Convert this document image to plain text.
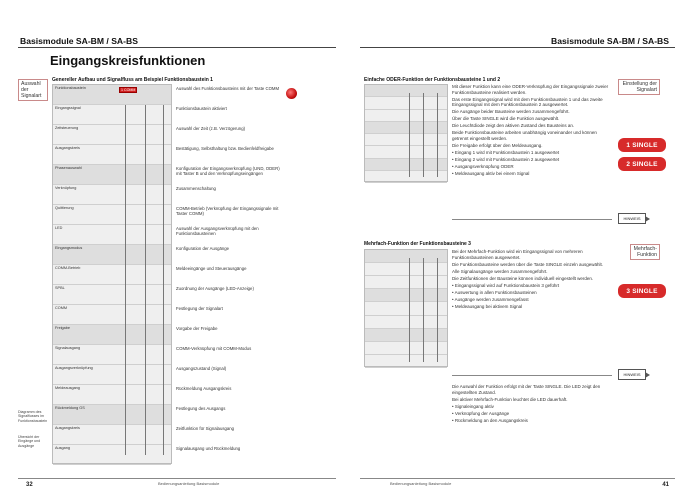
Basismodule SA-BM / SA-BS
Eingangskreisfunktionen
Auswahl der Signalart
Genereller Aufbau und Signalfluss am Beispiel Funktionsbaustein 1
Funktionsbaustein	1 COMM
Eingangssignal
Zeitsteuerung
Ausgangskreis
Phasenauswahl
Verknüpfung
Quittierung
LED
Eingangsmodus
COMM-Betrieb
SPBL
COMM
Freigabe
Signalausgang
Ausgangsverknüpfung
Meldeausgang
Rückmeldung GS
Ausgangskreis
Ausgang
Auswahl des Funktionsbausteins mit der Taste COMM
Funktionsbaustein aktiviert
Auswahl der Zeit (z.B. Verzögerung)
Bestätigung, Selbsthaltung bzw. Bedienfeldfreigabe
Konfiguration der Eingangsverknüpfung (UND, ODER) mit Taster B und den Verknüpfungseingängen
Zusammenschaltung
COMM-Betrieb (Verknüpfung der Eingangssignale mit Taster COMM)
Auswahl der Ausgangsverknüpfung mit den Funktionsbausteinen
Konfiguration der Ausgänge
Meldeeingänge und Steuerausgänge
Zuordnung der Ausgänge (LED-Anzeige)
Festlegung der Signalart
Vorgabe der Freigabe
COMM-Verknüpfung mit COMM-Modus
Ausgangszustand (Signal)
Rückmeldung Ausgangskreis
Festlegung des Ausgangs
Zeitfunktion für Signalausgang
Signalausgang und Rückmeldung
Diagramm des Signalflusses im Funktionsbaustein
Übersicht der Eingänge und Ausgänge
Bedienungsanleitung Basismodule
32
Basismodule SA-BM / SA-BS
Einfache ODER-Funktion der Funktionsbausteine 1 und 2
Einstellung der Signalart

Mit dieser Funktion kann eine ODER-Verknüpfung der Eingangssignale zweier Funktionsbausteine realisiert werden.

Das erste Eingangssignal wird mit dem Funktionsbaustein 1 und das zweite Eingangssignal mit dem Funktionsbaustein 2 ausgewertet.

Die Ausgänge beider Bausteine werden zusammengeführt.

Über die Taste SINGLE wird die Funktion ausgewählt.

Die Leuchtdiode zeigt den aktiven Zustand des Bausteins an.

Beide Funktionsbausteine arbeiten unabhängig voneinander und können getrennt eingestellt werden.

Die Freigabe erfolgt über den Meldeausgang.

• Eingang 1 wird mit Funktionsbaustein 1 ausgewertet

• Eingang 2 wird mit Funktionsbaustein 2 ausgewertet

• Ausgangsverknüpfung ODER

• Meldeausgang aktiv bei einem Signal

1 SINGLE
2 SINGLE
HINWEIS
Mehrfach-Funktion der Funktionsbausteine 3
Mehrfach-Funktion

Bei der Mehrfach-Funktion wird ein Eingangssignal von mehreren Funktionsbausteinen ausgewertet.

Die Funktionsbausteine werden über die Taste SINGLE einzeln ausgewählt.

Alle Signalausgänge werden zusammengeführt.

Die Zeitfunktionen der Bausteine können individuell eingestellt werden.

• Eingangssignal wird auf Funktionsbaustein 3 geführt

• Auswertung in allen Funktionsbausteinen

• Ausgänge werden zusammengefasst

• Meldeausgang bei aktivem Signal

3 SINGLE
HINWEIS

Die Auswahl der Funktion erfolgt mit der Taste SINGLE. Die LED zeigt den eingestellten Zustand.

Bei aktiver Mehrfach-Funktion leuchtet die LED dauerhaft.

• Signaleingang aktiv

• Verknüpfung der Ausgänge

• Rückmeldung an den Ausgangskreis

Bedienungsanleitung Basismodule	41
